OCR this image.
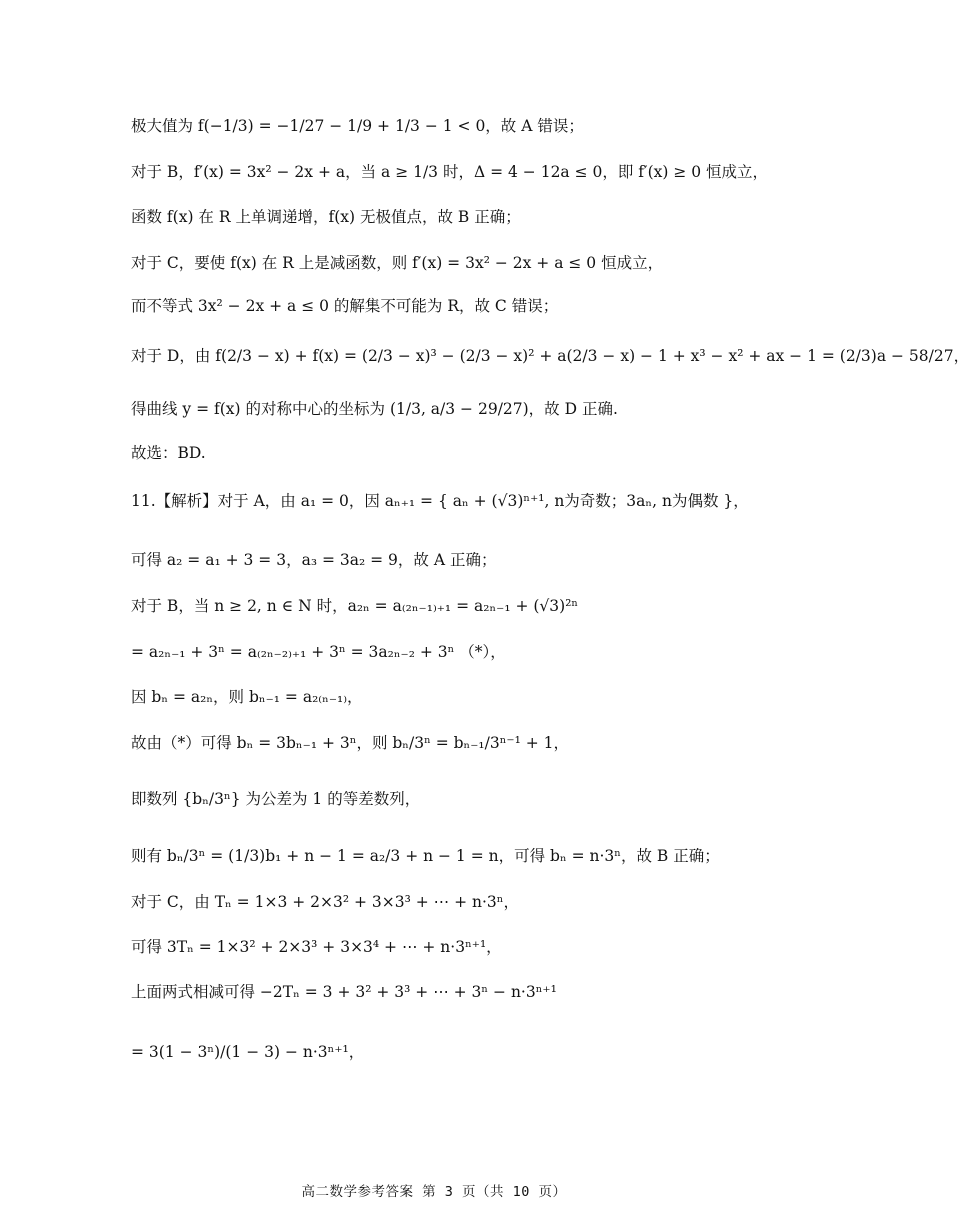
极大值为 f(−1/3) = −1/27 − 1/9 + 1/3 − 1 < 0，故 A 错误；
对于 B，f′(x) = 3x² − 2x + a，当 a ≥ 1/3 时，Δ = 4 − 12a ≤ 0，即 f′(x) ≥ 0 恒成立，
函数 f(x) 在 R 上单调递增，f(x) 无极值点，故 B 正确；
对于 C，要使 f(x) 在 R 上是减函数，则 f′(x) = 3x² − 2x + a ≤ 0 恒成立，
而不等式 3x² − 2x + a ≤ 0 的解集不可能为 R，故 C 错误；
对于 D，由 f(2/3 − x) + f(x) = (2/3 − x)³ − (2/3 − x)² + a(2/3 − x) − 1 + x³ − x² + ax − 1 = (2/3)a − 58/27，
得曲线 y = f(x) 的对称中心的坐标为 (1/3, a/3 − 29/27)，故 D 正确.
故选：BD.
11.【解析】对于 A，由 a₁ = 0，因 aₙ₊₁ = { aₙ + (√3)ⁿ⁺¹, n为奇数；3aₙ, n为偶数 }，
可得 a₂ = a₁ + 3 = 3，a₃ = 3a₂ = 9，故 A 正确；
对于 B，当 n ≥ 2, n ∈ N 时，a₂ₙ = a₍₂ₙ₋₁₎₊₁ = a₂ₙ₋₁ + (√3)²ⁿ
= a₂ₙ₋₁ + 3ⁿ = a₍₂ₙ₋₂₎₊₁ + 3ⁿ = 3a₂ₙ₋₂ + 3ⁿ （*），
因 bₙ = a₂ₙ，则 bₙ₋₁ = a₂₍ₙ₋₁₎，
故由（*）可得 bₙ = 3bₙ₋₁ + 3ⁿ，则 bₙ/3ⁿ = bₙ₋₁/3ⁿ⁻¹ + 1，
即数列 {bₙ/3ⁿ} 为公差为 1 的等差数列，
则有 bₙ/3ⁿ = (1/3)b₁ + n − 1 = a₂/3 + n − 1 = n，可得 bₙ = n·3ⁿ，故 B 正确；
对于 C，由 Tₙ = 1×3 + 2×3² + 3×3³ + ⋯ + n·3ⁿ，
可得 3Tₙ = 1×3² + 2×3³ + 3×3⁴ + ⋯ + n·3ⁿ⁺¹，
上面两式相减可得 −2Tₙ = 3 + 3² + 3³ + ⋯ + 3ⁿ − n·3ⁿ⁺¹
= 3(1 − 3ⁿ)/(1 − 3) − n·3ⁿ⁺¹，
高二数学参考答案 第 3 页（共 10 页）
